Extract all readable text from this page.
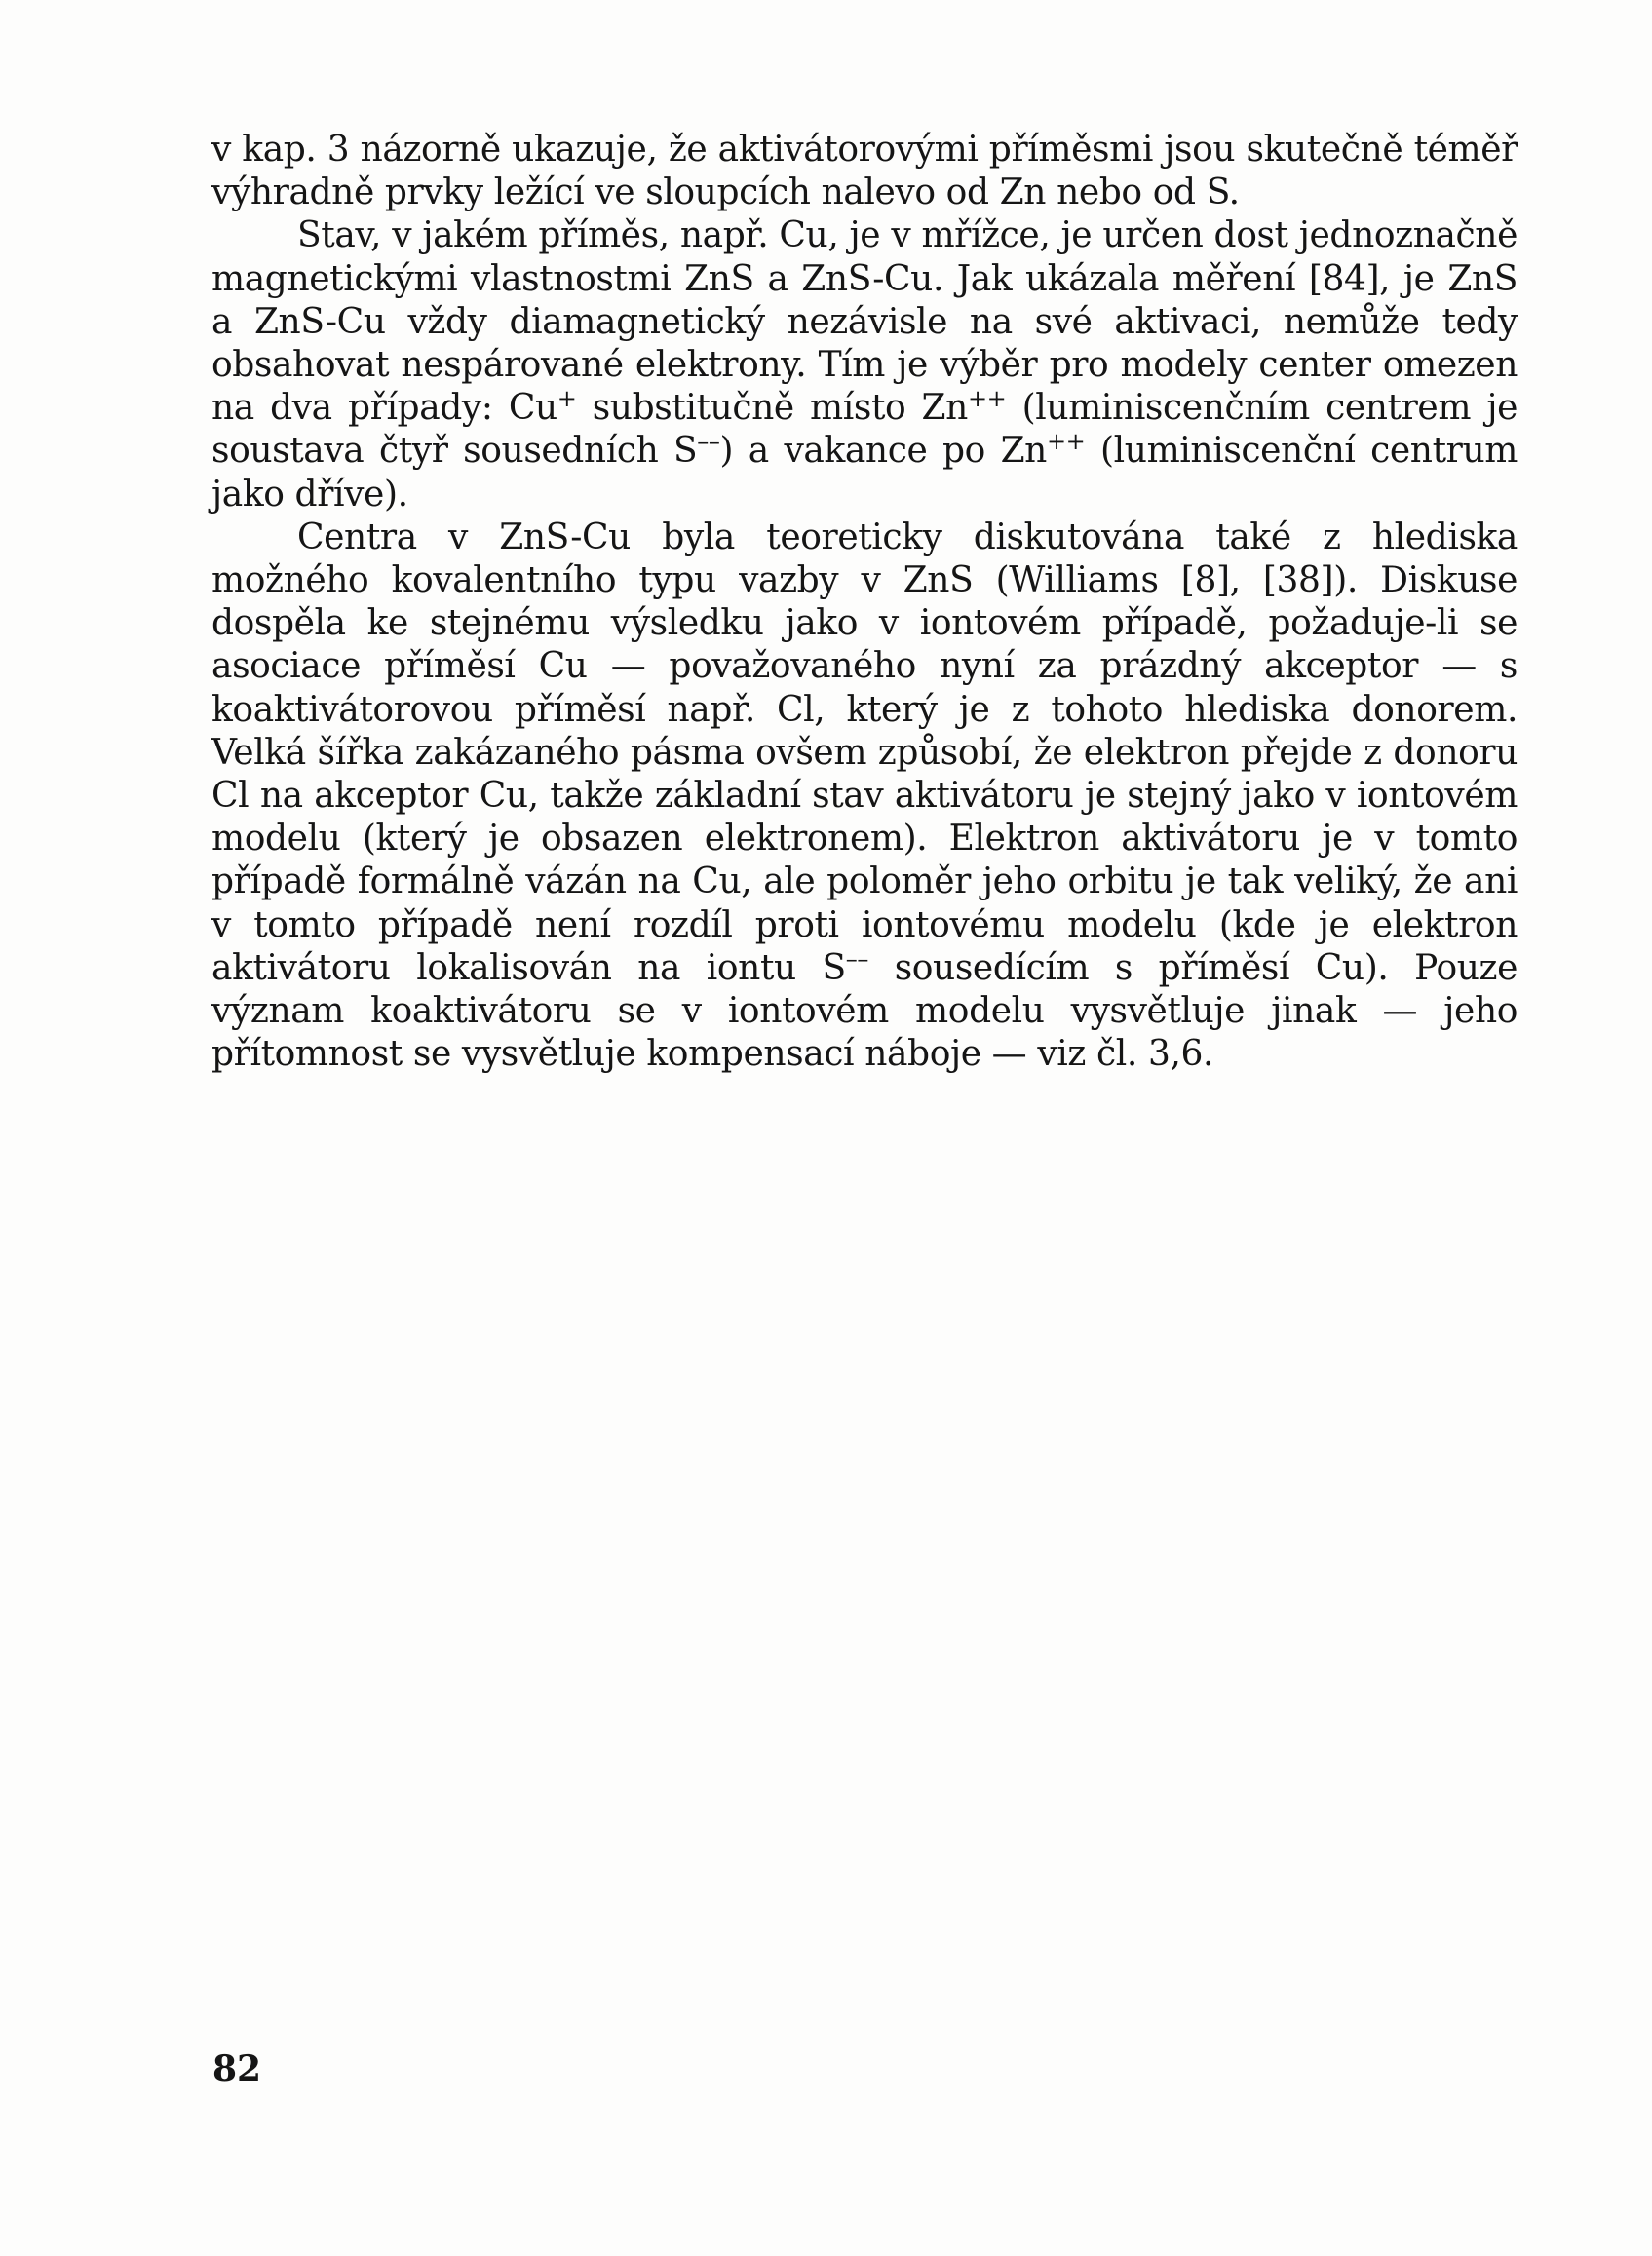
v kap. 3 názorně ukazuje, že aktivátorovými příměsmi jsou skutečně téměř výhradně prvky ležící ve sloupcích nalevo od Zn nebo od S.

Stav, v jakém příměs, např. Cu, je v mřížce, je určen dost jednoznačně magnetickými vlastnostmi ZnS a ZnS-Cu. Jak ukázala měření [84], je ZnS a ZnS-Cu vždy diamagnetický nezávisle na své aktivaci, nemůže tedy obsahovat nespárované elektrony. Tím je výběr pro modely center omezen na dva případy: Cu+ substitučně místo Zn++ (luminiscenčním centrem je soustava čtyř sousedních S––) a vakance po Zn++ (luminiscenční centrum jako dříve).

Centra v ZnS-Cu byla teoreticky diskutována také z hlediska možného kovalentního typu vazby v ZnS (Williams [8], [38]). Diskuse dospěla ke stejnému výsledku jako v iontovém případě, požaduje-li se asociace příměsí Cu — považovaného nyní za prázdný akceptor — s koaktivátorovou příměsí např. Cl, který je z tohoto hlediska donorem. Velká šířka zakázaného pásma ovšem způsobí, že elektron přejde z donoru Cl na akceptor Cu, takže základní stav aktivátoru je stejný jako v iontovém modelu (který je obsazen elektronem). Elektron aktivátoru je v tomto případě formálně vázán na Cu, ale poloměr jeho orbitu je tak veliký, že ani v tomto případě není rozdíl proti iontovému modelu (kde je elektron aktivátoru lokalisován na iontu S–– sousedícím s příměsí Cu). Pouze význam koaktivátoru se v iontovém modelu vysvětluje jinak — jeho přítomnost se vysvětluje kompensací náboje — viz čl. 3,6.

82
